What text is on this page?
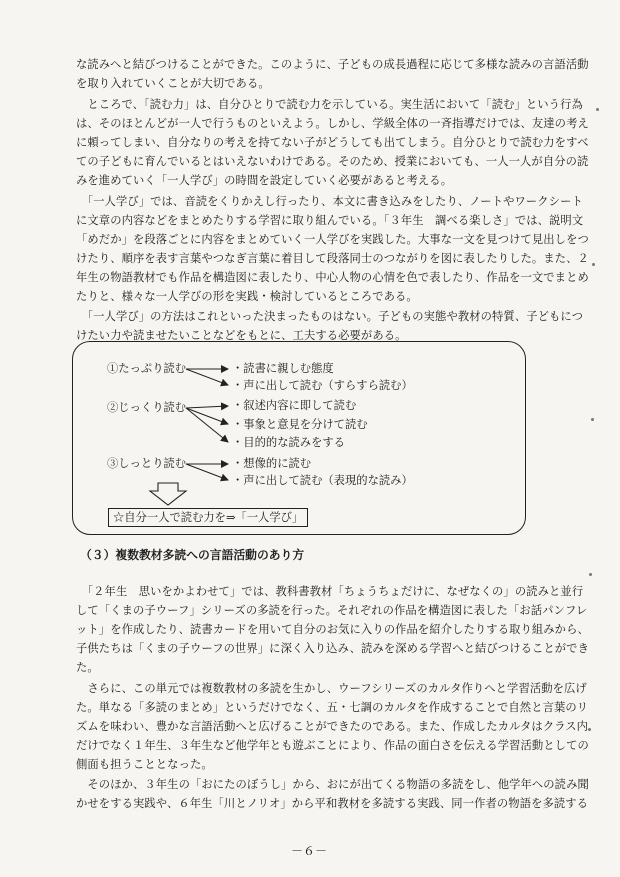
な読みへと結びつけることができた。このように、子どもの成長過程に応じて多様な読みの言語活動
を取り入れていくことが大切である。
　ところで、「読む力」は、自分ひとりで読む力を示している。実生活において「読む」という行為
は、そのほとんどが一人で行うものといえよう。しかし、学級全体の一斉指導だけでは、友達の考え
に頼ってしまい、自分なりの考えを持てない子がどうしても出てしまう。自分ひとりで読む力をすべ
ての子どもに育んでいるとはいえないわけである。そのため、授業においても、一人一人が自分の読
みを進めていく「一人学び」の時間を設定していく必要があると考える。
　「一人学び」では、音読をくりかえし行ったり、本文に書き込みをしたり、ノートやワークシート
に文章の内容などをまとめたりする学習に取り組んでいる。「３年生　調べる楽しさ」では、説明文
「めだか」を段落ごとに内容をまとめていく一人学びを実践した。大事な一文を見つけて見出しをつ
けたり、順序を表す言葉やつなぎ言葉に着目して段落同士のつながりを図に表したりした。また、２
年生の物語教材でも作品を構造図に表したり、中心人物の心情を色で表したり、作品を一文でまとめ
たりと、様々な一人学びの形を実践・検討しているところである。
　「一人学び」の方法はこれといった決まったものはない。子どもの実態や教材の特質、子どもにつ
けたい力や読ませたいことなどをもとに、工夫する必要がある。
①たっぷり読む
②じっくり読む
③しっとり読む
・読書に親しむ態度
・声に出して読む（すらすら読む）
・叙述内容に即して読む
・事象と意見を分けて読む
・目的的な読みをする
・想像的に読む
・声に出して読む（表現的な読み）
☆自分一人で読む力を⇒「一人学び」
（３）複数教材多読への言語活動のあり方
　「２年生　思いをかよわせて」では、教科書教材「ちょうちょだけに、なぜなくの」の読みと並行
して「くまの子ウーフ」シリーズの多読を行った。それぞれの作品を構造図に表した「お話パンフレ
ット」を作成したり、読書カードを用いて自分のお気に入りの作品を紹介したりする取り組みから、
子供たちは「くまの子ウーフの世界」に深く入り込み、読みを深める学習へと結びつけることができ
た。
　さらに、この単元では複数教材の多読を生かし、ウーフシリーズのカルタ作りへと学習活動を広げ
た。単なる「多読のまとめ」というだけでなく、五・七調のカルタを作成することで自然と言葉のリ
ズムを味わい、豊かな言語活動へと広げることができたのである。また、作成したカルタはクラス内
だけでなく１年生、３年生など他学年とも遊ぶことにより、作品の面白さを伝える学習活動としての
側面も担うこととなった。
　そのほか、３年生の「おにたのぼうし」から、おにが出てくる物語の多読をし、他学年への読み聞
かせをする実践や、６年生「川とノリオ」から平和教材を多読する実践、同一作者の物語を多読する
－６－
